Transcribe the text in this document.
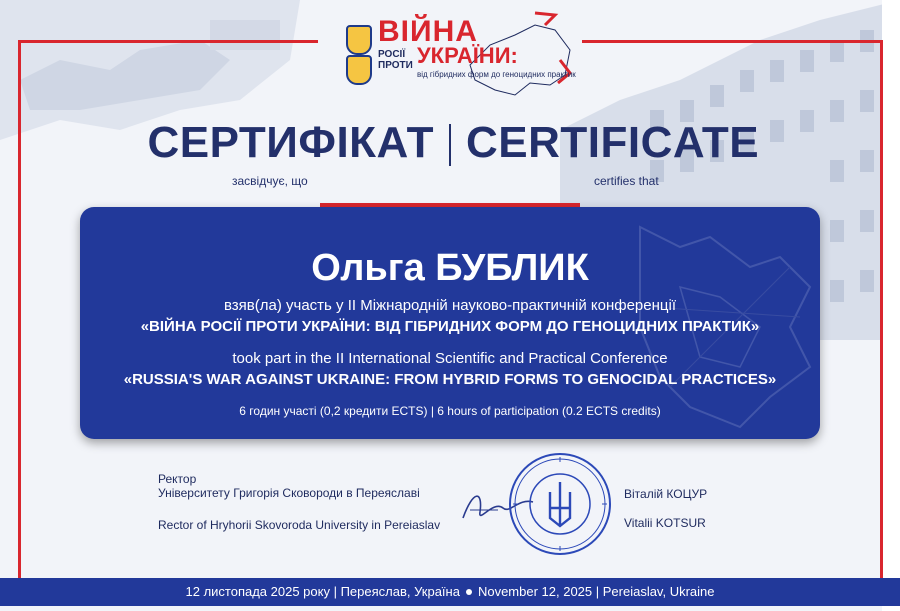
ВІЙНА
РОСІЇ
ПРОТИ УКРАЇНИ:
від гібридних форм до геноцидних практик
СЕРТИФІКАТ CERTIFICATE
засвідчує, що	certifies that
Ольга БУБЛИК
взяв(ла) участь у II Міжнародній науково-практичній конференції
«ВІЙНА РОСІЇ ПРОТИ УКРАЇНИ: ВІД ГІБРИДНИХ ФОРМ ДО ГЕНОЦИДНИХ ПРАКТИК»
took part in the II International Scientific and Practical Conference
«RUSSIA'S WAR AGAINST UKRAINE: FROM HYBRID FORMS TO GENOCIDAL PRACTICES»
6 годин участі (0,2 кредити ECTS) | 6 hours of participation (0.2 ECTS credits)
Ректор
Університету Григорія Сковороди в Переяславі
Rector of Hryhorii Skovoroda University in Pereiaslav
Віталій КОЦУР
Vitalii KOTSUR
12 листопада 2025 року | Переяслав, Україна November 12, 2025 | Pereiaslav, Ukraine
